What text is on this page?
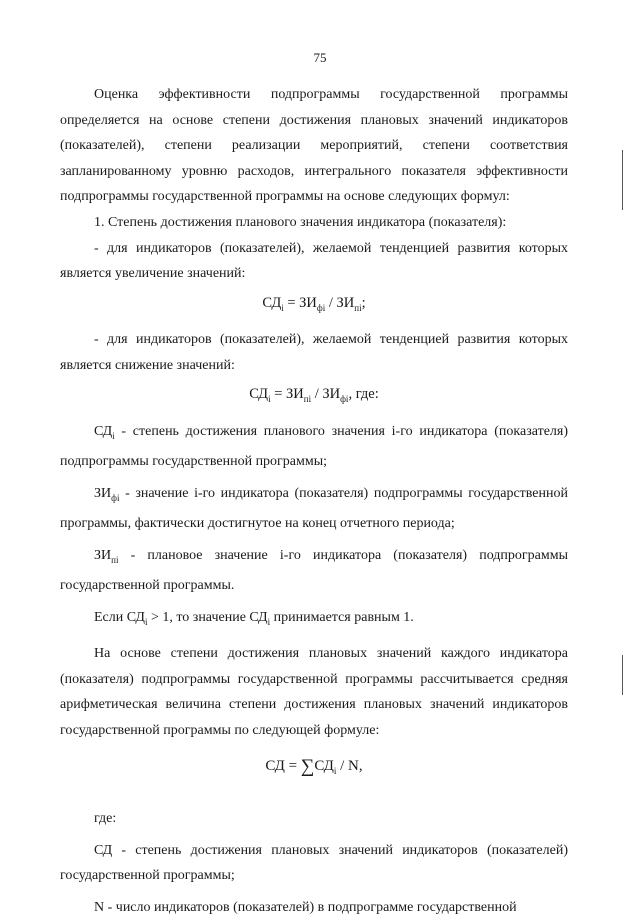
75

Оценка эффективности подпрограммы государственной программы определяется на основе степени достижения плановых значений индикаторов (показателей), степени реализации мероприятий, степени соответствия запланированному уровню расходов, интегрального показателя эффективности подпрограммы государственной программы на основе следующих формул:

1. Степень достижения планового значения индикатора (показателя):

- для индикаторов (показателей), желаемой тенденцией развития которых является увеличение значений:

$СД_i = ЗИ_{фi} / ЗИ_{пi}$;

- для индикаторов (показателей), желаемой тенденцией развития которых является снижение значений:

$СД_i = ЗИ_{пi} / ЗИ_{фi}$, где:

$СД_i$ - степень достижения планового значения i-го индикатора (показателя) подпрограммы государственной программы;

$ЗИ_{фi}$ - значение i-го индикатора (показателя) подпрограммы государственной программы, фактически достигнутое на конец отчетного периода;

$ЗИ_{пi}$ - плановое значение i-го индикатора (показателя) подпрограммы государственной программы.

Если $СД_i > 1$, то значение $СД_i$ принимается равным 1.

На основе степени достижения плановых значений каждого индикатора (показателя) подпрограммы государственной программы рассчитывается средняя арифметическая величина степени достижения плановых значений индикаторов государственной программы по следующей формуле:

СД = $\sum СД_i$ / N,

где:

СД - степень достижения плановых значений индикаторов (показателей) государственной программы;

N - число индикаторов (показателей) в подпрограмме государственной
